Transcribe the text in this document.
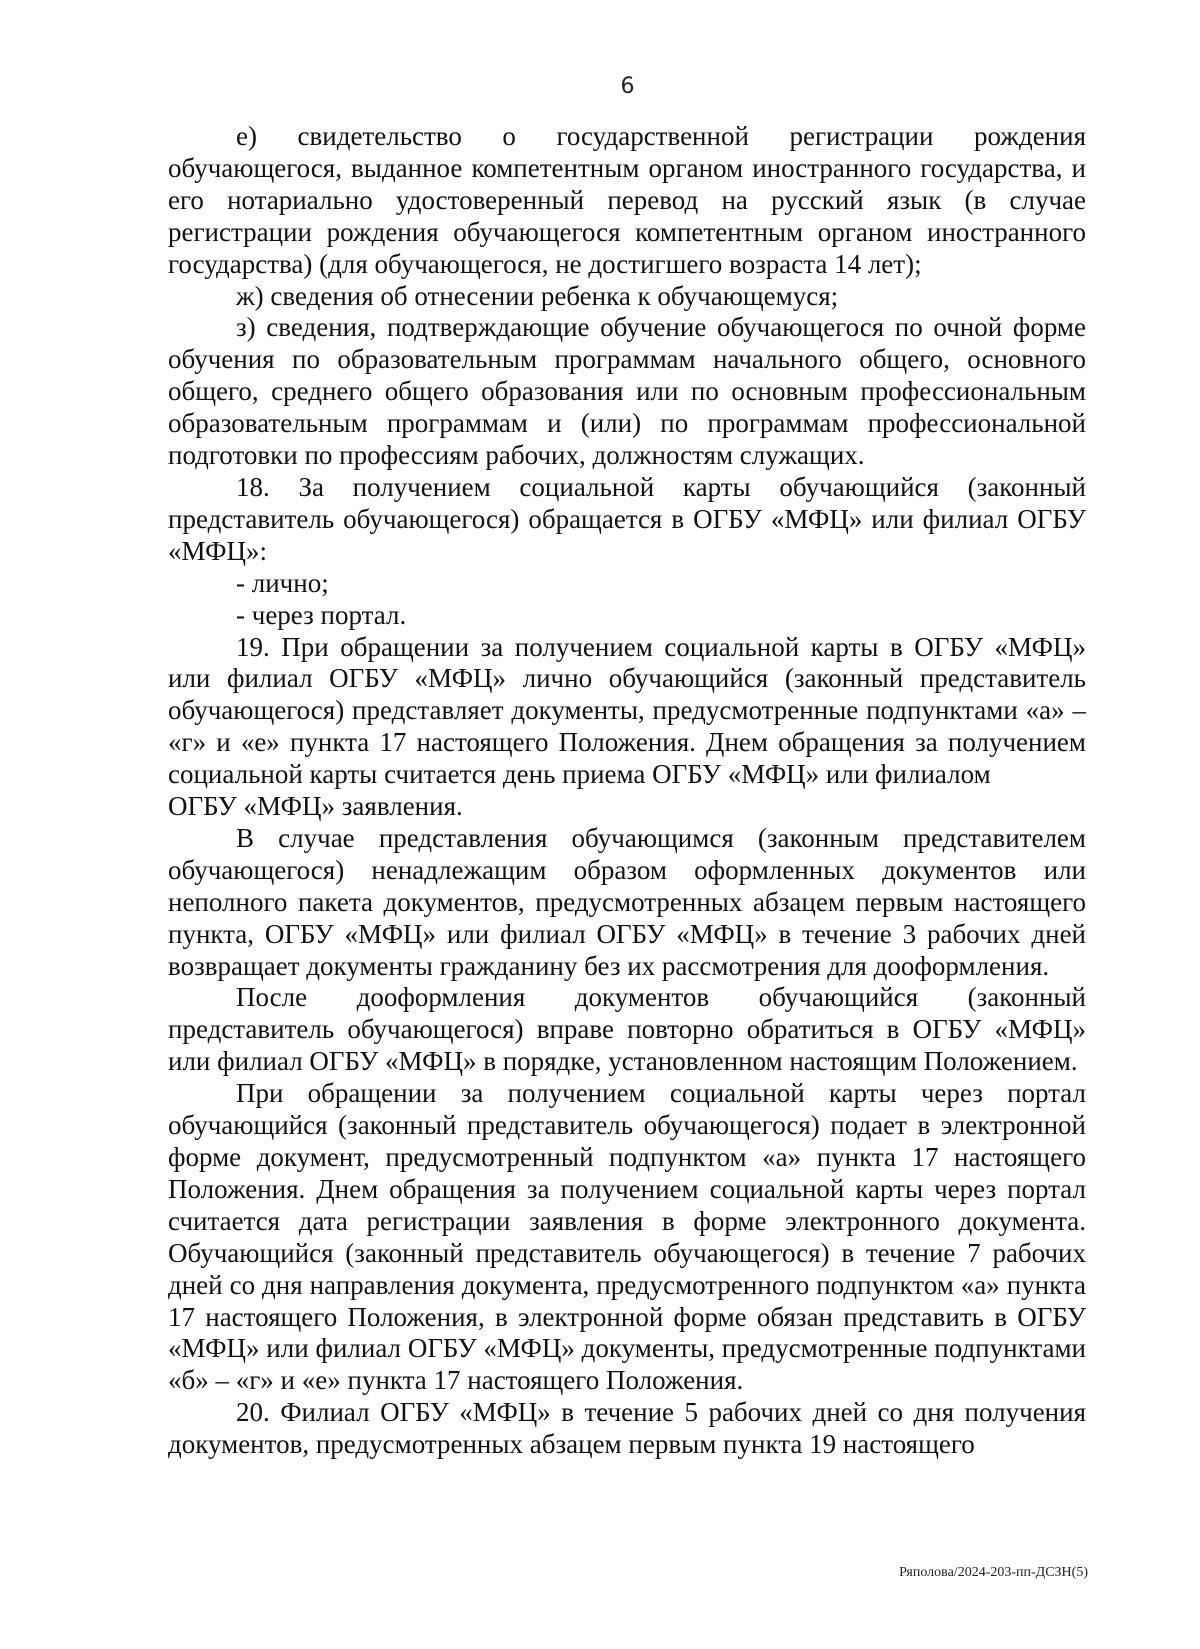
6

е) свидетельство о государственной регистрации рождения обучающегося, выданное компетентным органом иностранного государства, и его нотариально удостоверенный перевод на русский язык (в случае регистрации рождения обучающегося компетентным органом иностранного государства) (для обучающегося, не достигшего возраста 14 лет);

ж) сведения об отнесении ребенка к обучающемуся;

з) сведения, подтверждающие обучение обучающегося по очной форме обучения по образовательным программам начального общего, основного общего, среднего общего образования или по основным профессиональным образовательным программам и (или) по программам профессиональной подготовки по профессиям рабочих, должностям служащих.

18. За получением социальной карты обучающийся (законный представитель обучающегося) обращается в ОГБУ «МФЦ» или филиал ОГБУ «МФЦ»:

- лично;

- через портал.

19. При обращении за получением социальной карты в ОГБУ «МФЦ» или филиал ОГБУ «МФЦ» лично обучающийся (законный представитель обучающегося) представляет документы, предусмотренные подпунктами «а» – «г» и «е» пункта 17 настоящего Положения. Днем обращения за получением социальной карты считается день приема ОГБУ «МФЦ» или филиалом

ОГБУ «МФЦ» заявления.

В случае представления обучающимся (законным представителем обучающегося) ненадлежащим образом оформленных документов или неполного пакета документов, предусмотренных абзацем первым настоящего пункта, ОГБУ «МФЦ» или филиал ОГБУ «МФЦ» в течение 3 рабочих дней возвращает документы гражданину без их рассмотрения для дооформления.

После дооформления документов обучающийся (законный представитель обучающегося) вправе повторно обратиться в ОГБУ «МФЦ» или филиал ОГБУ «МФЦ» в порядке, установленном настоящим Положением.

При обращении за получением социальной карты через портал обучающийся (законный представитель обучающегося) подает в электронной форме документ, предусмотренный подпунктом «а» пункта 17 настоящего Положения. Днем обращения за получением социальной карты через портал считается дата регистрации заявления в форме электронного документа. Обучающийся (законный представитель обучающегося) в течение 7 рабочих дней со дня направления документа, предусмотренного подпунктом «а» пункта 17 настоящего Положения, в электронной форме обязан представить в ОГБУ «МФЦ» или филиал ОГБУ «МФЦ» документы, предусмотренные подпунктами «б» – «г» и «е» пункта 17 настоящего Положения.

20. Филиал ОГБУ «МФЦ» в течение 5 рабочих дней со дня получения документов, предусмотренных абзацем первым пункта 19 настоящего

Ряполова/2024-203-пп-ДСЗН(5)
